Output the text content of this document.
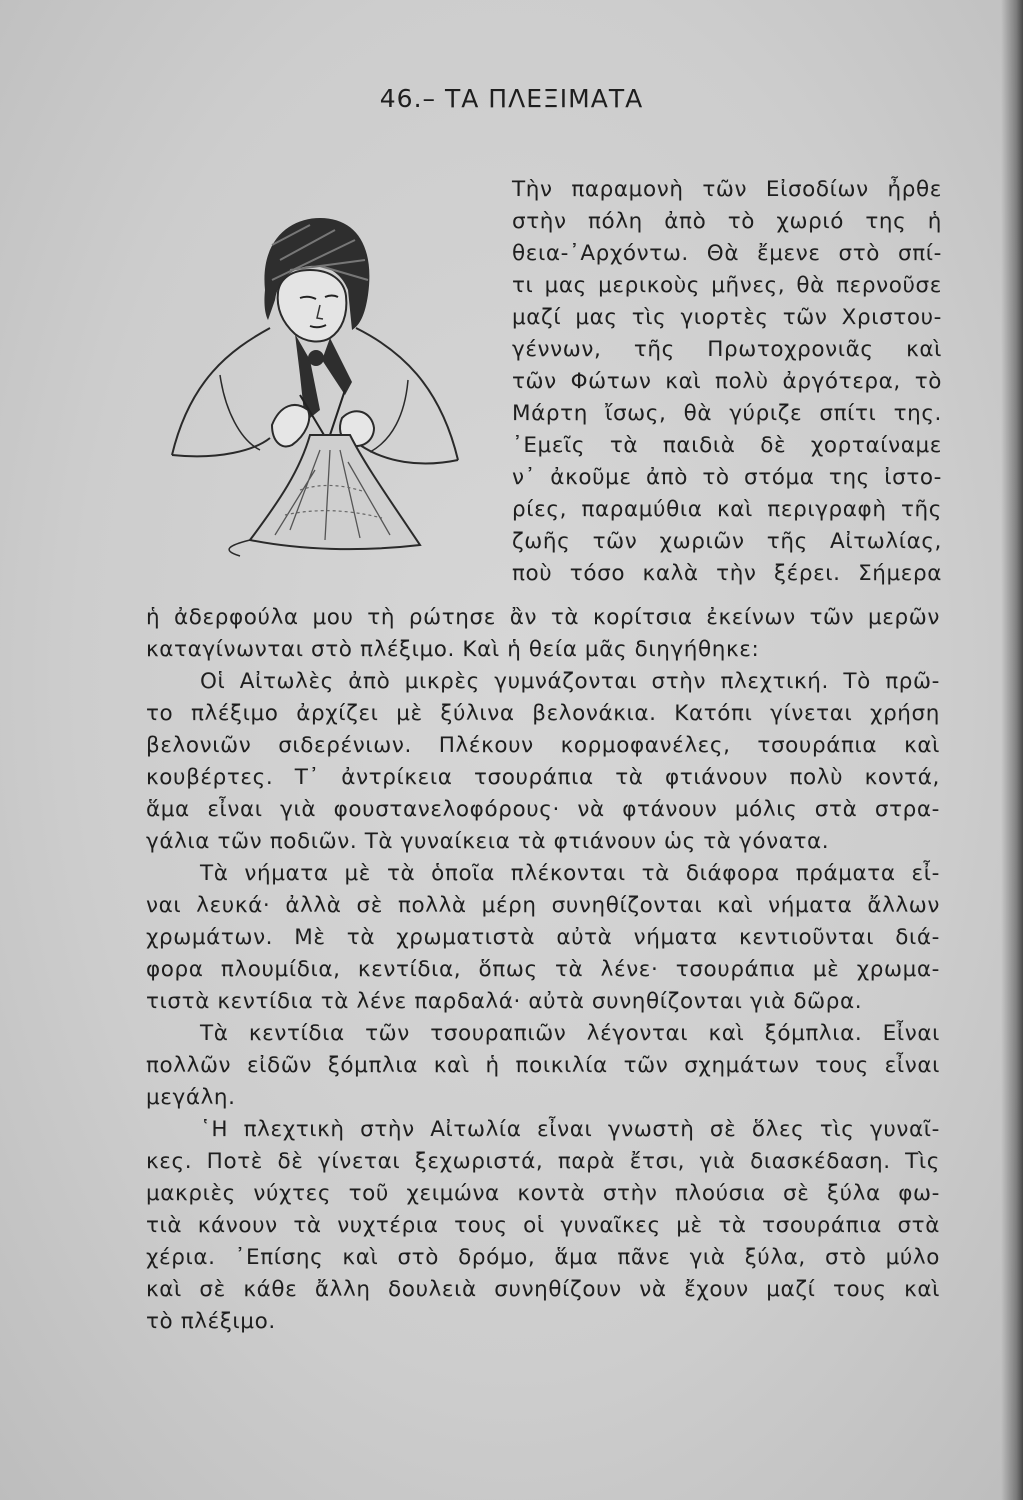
46.– ΤΑ ΠΛΕΞΙΜΑΤΑ
Τὴν παραμονὴ τῶν Εἰσοδίων ἦρθε
στὴν πόλη ἀπὸ τὸ χωριό της ἡ
θεια-᾿Αρχόντω. Θὰ ἔμενε στὸ σπί-
τι μας μερικοὺς μῆνες, θὰ περνοῦσε
μαζί μας τὶς γιορτὲς τῶν Χριστου-
γέννων, τῆς Πρωτοχρονιᾶς καὶ
τῶν Φώτων καὶ πολὺ ἀργότερα, τὸ
Μάρτη ἴσως, θὰ γύριζε σπίτι της.
᾿Εμεῖς τὰ παιδιὰ δὲ χορταίναμε
ν᾿ ἀκοῦμε ἀπὸ τὸ στόμα της ἰστο-
ρίες, παραμύθια καὶ περιγραφὴ τῆς
ζωῆς τῶν χωριῶν τῆς Αἰτωλίας,
ποὺ τόσο καλὰ τὴν ξέρει. Σήμερα
ἡ ἀδερφούλα μου τὴ ρώτησε ἂν τὰ κορίτσια ἐκείνων τῶν μερῶν
καταγίνωνται στὸ πλέξιμο. Καὶ ἡ θεία μᾶς διηγήθηκε:
Οἱ Αἰτωλὲς ἀπὸ μικρὲς γυμνάζονται στὴν πλεχτική. Τὸ πρῶ-
το πλέξιμο ἀρχίζει μὲ ξύλινα βελονάκια. Κατόπι γίνεται χρήση
βελονιῶν σιδερένιων. Πλέκουν κορμοφανέλες, τσουράπια καὶ
κουβέρτες. Τ᾿ ἀντρίκεια τσουράπια τὰ φτιάνουν πολὺ κοντά,
ἅμα εἶναι γιὰ φουστανελοφόρους· νὰ φτάνουν μόλις στὰ στρα-
γάλια τῶν ποδιῶν. Τὰ γυναίκεια τὰ φτιάνουν ὡς τὰ γόνατα.
Τὰ νήματα μὲ τὰ ὁποῖα πλέκονται τὰ διάφορα πράματα εἶ-
ναι λευκά· ἀλλὰ σὲ πολλὰ μέρη συνηθίζονται καὶ νήματα ἄλλων
χρωμάτων. Μὲ τὰ χρωματιστὰ αὐτὰ νήματα κεντιοῦνται διά-
φορα πλουμίδια, κεντίδια, ὅπως τὰ λένε· τσουράπια μὲ χρωμα-
τιστὰ κεντίδια τὰ λένε παρδαλά· αὐτὰ συνηθίζονται γιὰ δῶρα.
Τὰ κεντίδια τῶν τσουραπιῶν λέγονται καὶ ξόμπλια. Εἶναι
πολλῶν εἰδῶν ξόμπλια καὶ ἡ ποικιλία τῶν σχημάτων τους εἶναι
μεγάλη.
῾Η πλεχτικὴ στὴν Αἰτωλία εἶναι γνωστὴ σὲ ὅλες τὶς γυναῖ-
κες. Ποτὲ δὲ γίνεται ξεχωριστά, παρὰ ἔτσι, γιὰ διασκέδαση. Τὶς
μακριὲς νύχτες τοῦ χειμώνα κοντὰ στὴν πλούσια σὲ ξύλα φω-
τιὰ κάνουν τὰ νυχτέρια τους οἱ γυναῖκες μὲ τὰ τσουράπια στὰ
χέρια. ᾿Επίσης καὶ στὸ δρόμο, ἅμα πᾶνε γιὰ ξύλα, στὸ μύλο
καὶ σὲ κάθε ἄλλη δουλειὰ συνηθίζουν νὰ ἔχουν μαζί τους καὶ
τὸ πλέξιμο.
